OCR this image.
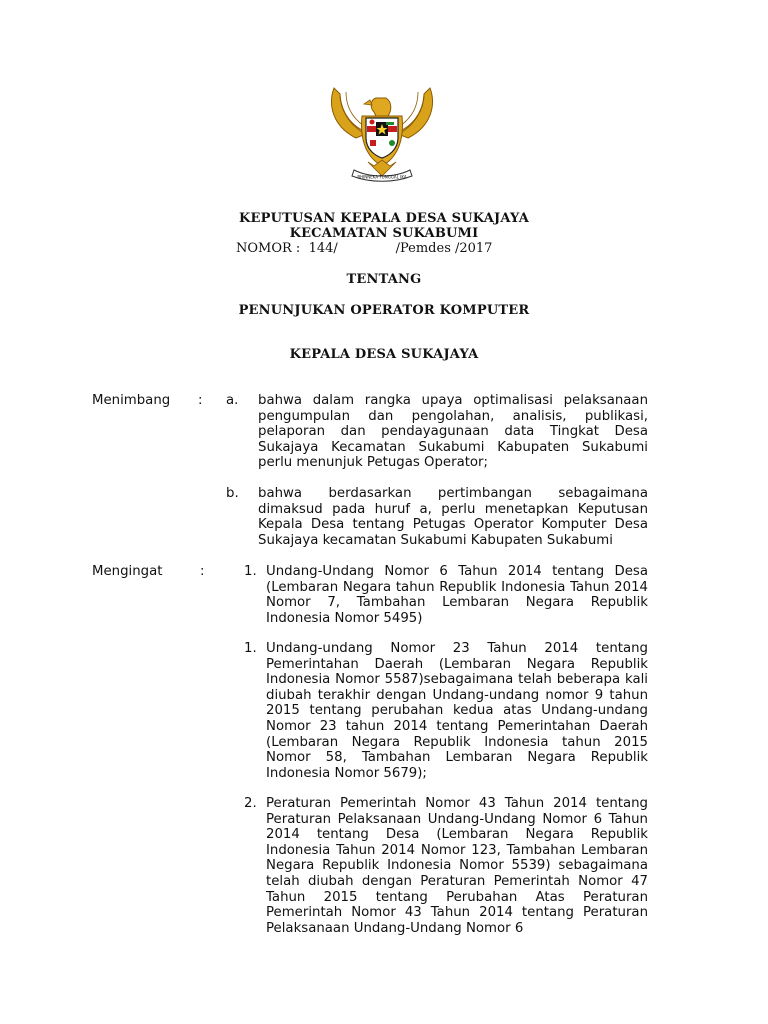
BHINNEKA TUNGGAL IKA
KEPUTUSAN KEPALA DESA SUKAJAYA
KECAMATAN SUKABUMI
NOMOR :  144/              /Pemdes /2017
TENTANG
PENUNJUKAN OPERATOR KOMPUTER
KEPALA DESA SUKAJAYA
Menimbang : a. bahwa dalam rangka upaya optimalisasi pelaksanaan pengumpulan dan pengolahan, analisis, publikasi, pelaporan dan pendayagunaan data Tingkat Desa Sukajaya Kecamatan Sukabumi Kabupaten Sukabumi perlu menunjuk Petugas Operator;
b. bahwa berdasarkan pertimbangan sebagaimana dimaksud pada huruf a, perlu menetapkan Keputusan Kepala Desa tentang Petugas Operator Komputer Desa Sukajaya kecamatan Sukabumi Kabupaten Sukabumi
Mengingat	:	1. Undang-Undang Nomor 6 Tahun 2014 tentang Desa (Lembaran Negara tahun Republik Indonesia Tahun 2014 Nomor 7, Tambahan Lembaran Negara Republik Indonesia Nomor 5495)
1. Undang-undang Nomor 23 Tahun 2014 tentang Pemerintahan Daerah (Lembaran Negara Republik Indonesia Nomor 5587)sebagaimana telah beberapa kali diubah terakhir dengan Undang-undang nomor 9 tahun 2015 tentang perubahan kedua atas Undang-undang Nomor 23 tahun 2014 tentang Pemerintahan Daerah (Lembaran Negara Republik Indonesia tahun 2015 Nomor 58, Tambahan Lembaran Negara Republik Indonesia Nomor 5679);
2. Peraturan Pemerintah Nomor 43 Tahun 2014 tentang Peraturan Pelaksanaan Undang-Undang Nomor 6 Tahun 2014 tentang Desa (Lembaran Negara Republik Indonesia Tahun 2014 Nomor 123, Tambahan Lembaran Negara Republik Indonesia Nomor 5539) sebagaimana telah diubah dengan Peraturan Pemerintah Nomor 47 Tahun 2015 tentang Perubahan Atas Peraturan Pemerintah Nomor 43 Tahun 2014 tentang Peraturan Pelaksanaan Undang-Undang Nomor 6
